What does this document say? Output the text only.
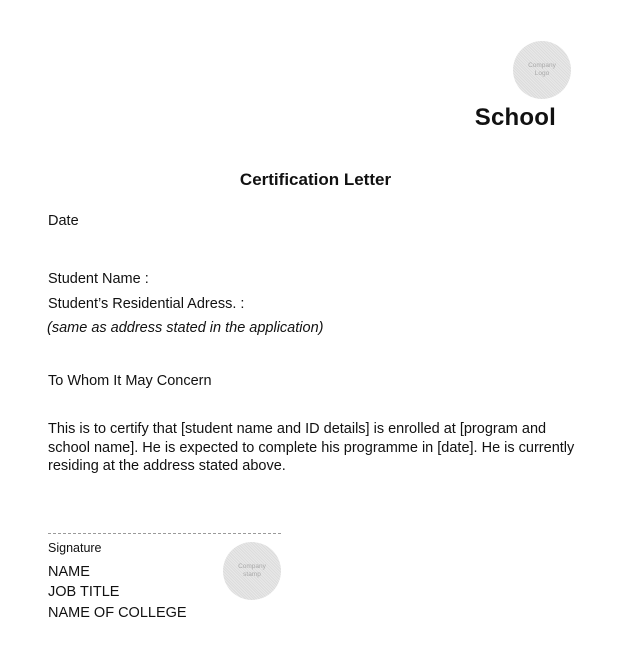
Company
Logo
School
Certification Letter
Date
Student Name :
Student’s Residential Adress. :
(same as address stated in the application)
To Whom It May Concern
This is to certify that [student name and ID details] is enrolled at [program and school name]. He is expected to complete his programme in [date]. He is currently residing at the address stated above.
Signature
NAME
JOB TITLE
NAME OF COLLEGE
Company
stamp
